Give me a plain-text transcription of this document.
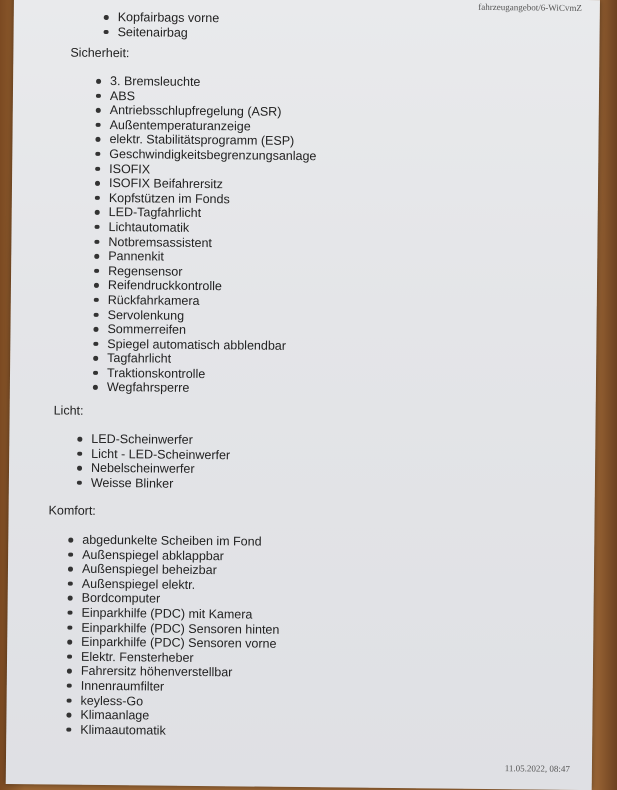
fahrzeugangebot/6-WiCvmZ
Kopfairbags vorne
Seitenairbag
Sicherheit:
3. Bremsleuchte
ABS
Antriebsschlupfregelung (ASR)
Außentemperaturanzeige
elektr. Stabilitätsprogramm (ESP)
Geschwindigkeitsbegrenzungsanlage
ISOFIX
ISOFIX Beifahrersitz
Kopfstützen im Fonds
LED-Tagfahrlicht
Lichtautomatik
Notbremsassistent
Pannenkit
Regensensor
Reifendruckkontrolle
Rückfahrkamera
Servolenkung
Sommerreifen
Spiegel automatisch abblendbar
Tagfahrlicht
Traktionskontrolle
Wegfahrsperre
Licht:
LED-Scheinwerfer
Licht - LED-Scheinwerfer
Nebelscheinwerfer
Weisse Blinker
Komfort:
abgedunkelte Scheiben im Fond
Außenspiegel abklappbar
Außenspiegel beheizbar
Außenspiegel elektr.
Bordcomputer
Einparkhilfe (PDC) mit Kamera
Einparkhilfe (PDC) Sensoren hinten
Einparkhilfe (PDC) Sensoren vorne
Elektr. Fensterheber
Fahrersitz höhenverstellbar
Innenraumfilter
keyless-Go
Klimaanlage
Klimaautomatik
11.05.2022, 08:47
